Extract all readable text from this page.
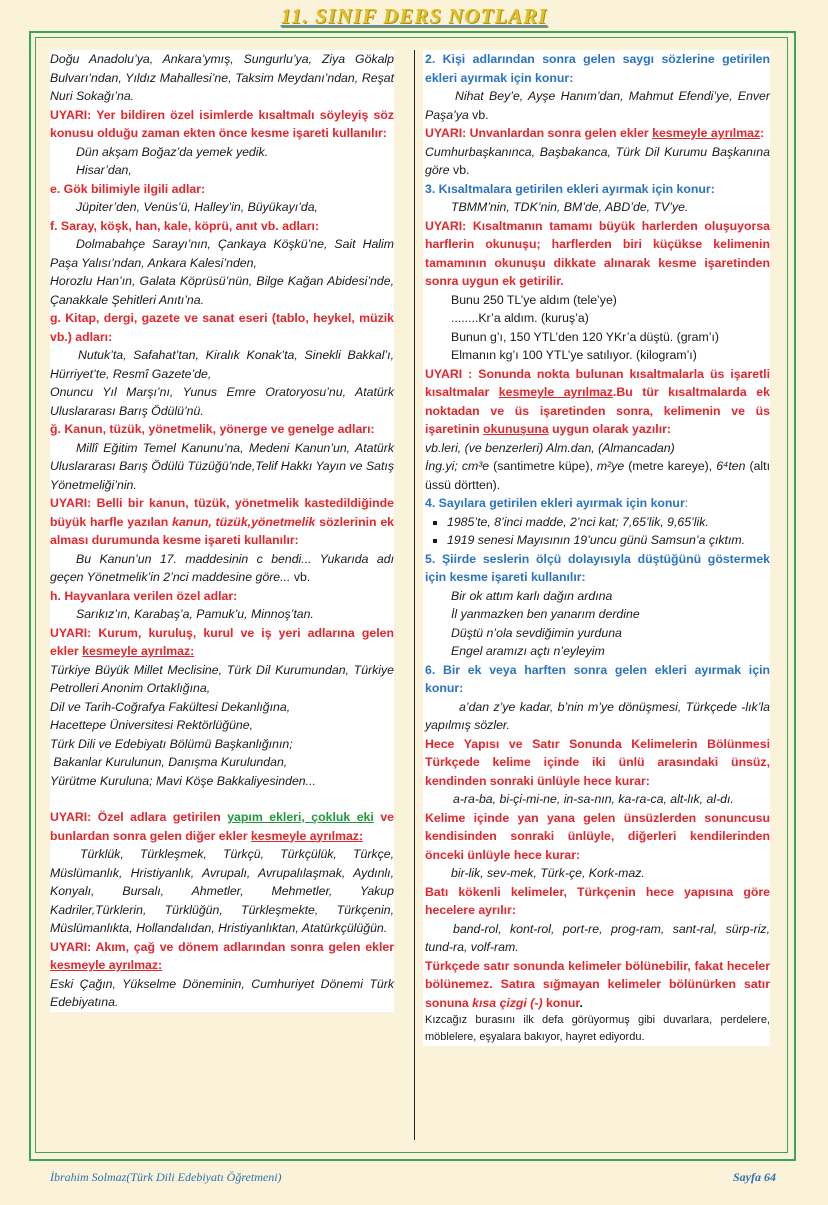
11. SINIF DERS NOTLARI

Doğu Anadolu’ya, Ankara’ymış, Sungurlu’ya, Ziya Gökalp Bulvarı’ndan, Yıldız Mahallesi’ne, Taksim Meydanı’ndan, Reşat Nuri Sokağı’na.

UYARI: Yer bildiren özel isimlerde kısaltmalı söyleyiş söz konusu olduğu zaman ekten önce kesme işareti kullanılır:

Dün akşam Boğaz’da yemek yedik.

Hisar’dan,

e. Gök bilimiyle ilgili adlar:

Jüpiter’den, Venüs’ü, Halley’in, Büyükayı’da,

f. Saray, köşk, han, kale, köprü, anıt vb. adları:

Dolmabahçe Sarayı’nın, Çankaya Köşkü’ne, Sait Halim Paşa Yalısı’ndan, Ankara Kalesi’nden,

Horozlu Han’ın, Galata Köprüsü’nün, Bilge Kağan Abidesi’nde, Çanakkale Şehitleri Anıtı’na.

g. Kitap, dergi, gazete ve sanat eseri (tablo, heykel, müzik vb.) adları:

Nutuk’ta, Safahat’tan, Kiralık Konak’ta, Sinekli Bakkal’ı, Hürriyet’te, Resmî Gazete’de,

Onuncu Yıl Marşı’nı, Yunus Emre Oratoryosu’nu, Atatürk Uluslararası Barış Ödülü’nü.

ğ. Kanun, tüzük, yönetmelik, yönerge ve genelge adları:

Millî Eğitim Temel Kanunu’na, Medeni Kanun’un, Atatürk Uluslararası Barış Ödülü Tüzüğü’nde,Telif Hakkı Yayın ve Satış Yönetmeliği’nin.

UYARI: Belli bir kanun, tüzük, yönetmelik kastedildiğinde büyük harfle yazılan kanun, tüzük,yönetmelik sözlerinin ek alması durumunda kesme işareti kullanılır:

Bu Kanun’un 17. maddesinin c bendi... Yukarıda adı geçen Yönetmelik’in 2’nci maddesine göre... vb.

h. Hayvanlara verilen özel adlar:

Sarıkız’ın, Karabaş’a, Pamuk’u, Minnoş’tan.

UYARI: Kurum, kuruluş, kurul ve iş yeri adlarına gelen ekler kesmeyle ayrılmaz:

Türkiye Büyük Millet Meclisine, Türk Dil Kurumundan, Türkiye Petrolleri Anonim Ortaklığına,

Dil ve Tarih-Coğrafya Fakültesi Dekanlığına,

Hacettepe Üniversitesi Rektörlüğüne,

Türk Dili ve Edebiyatı Bölümü Başkanlığının;

Bakanlar Kurulunun, Danışma Kurulundan,

Yürütme Kuruluna; Mavi Köşe Bakkaliyesinden...

UYARI: Özel adlara getirilen yapım ekleri, çokluk eki ve bunlardan sonra gelen diğer ekler kesmeyle ayrılmaz:

Türklük, Türkleşmek, Türkçü, Türkçülük, Türkçe, Müslümanlık, Hristiyanlık, Avrupalı, Avrupalılaşmak, Aydınlı, Konyalı, Bursalı, Ahmetler, Mehmetler, Yakup Kadriler,Türklerin, Türklüğün, Türkleşmekte, Türkçenin, Müslümanlıkta, Hollandalıdan, Hristiyanlıktan, Atatürkçülüğün.

UYARI: Akım, çağ ve dönem adlarından sonra gelen ekler kesmeyle ayrılmaz:

Eski Çağın, Yükselme Döneminin, Cumhuriyet Dönemi Türk Edebiyatına.

2. Kişi adlarından sonra gelen saygı sözlerine getirilen ekleri ayırmak için konur:

Nihat Bey’e, Ayşe Hanım’dan, Mahmut Efendi’ye, Enver Paşa’ya vb.

UYARI: Unvanlardan sonra gelen ekler kesmeyle ayrılmaz:

Cumhurbaşkanınca, Başbakanca, Türk Dil Kurumu Başkanına göre vb.

3. Kısaltmalara getirilen ekleri ayırmak için konur:

TBMM’nin, TDK’nin, BM’de, ABD’de, TV’ye.

UYARI: Kısaltmanın tamamı büyük harlerden oluşuyorsa harflerin okunuşu; harflerden biri küçükse kelimenin tamamının okunuşu dikkate alınarak kesme işaretinden sonra uygun ek getirilir.

Bunu 250 TL’ye aldım (tele’ye)

........Kr’a aldım. (kuruş’a)

Bunun g’ı, 150 YTL’den 120 YKr’a düştü. (gram’ı)

Elmanın kg’ı 100 YTL’ye satılıyor. (kilogram’ı)

UYARI : Sonunda nokta bulunan kısaltmalarla üs işaretli kısaltmalar kesmeyle ayrılmaz.Bu tür kısaltmalarda ek noktadan ve üs işaretinden sonra, kelimenin ve üs işaretinin okunuşuna uygun olarak yazılır:

vb.leri, (ve benzerleri) Alm.dan, (Almancadan)

İng.yi; cm³e (santimetre küpe), m²ye (metre kareye), 6⁴ten (altı üssü dörtten).

4. Sayılara getirilen ekleri ayırmak için konur:

▪ 1985’te, 8’inci madde, 2’nci kat; 7,65’lik, 9,65’lik.
▪ 1919 senesi Mayısının 19’uncu günü Samsun’a çıktım.

5. Şiirde seslerin ölçü dolayısıyla düştüğünü göstermek için kesme işareti kullanılır:

Bir ok attım karlı dağın ardına

İl yanmazken ben yanarım derdine

Düştü n’ola sevdiğimin yurduna

Engel aramızı açtı n’eyleyim

6. Bir ek veya harften sonra gelen ekleri ayırmak için konur:

a’dan z’ye kadar, b’nin m’ye dönüşmesi, Türkçede -lık’la yapılmış sözler.

Hece Yapısı ve Satır Sonunda Kelimelerin Bölünmesi Türkçede kelime içinde iki ünlü arasındaki ünsüz, kendinden sonraki ünlüyle hece kurar:

a-ra-ba, bi-çi-mi-ne, in-sa-nın, ka-ra-ca, alt-lık, al-dı.

Kelime içinde yan yana gelen ünsüzlerden sonuncusu kendisinden sonraki ünlüyle, diğerleri kendilerinden önceki ünlüyle hece kurar:

bir-lik, sev-mek, Türk-çe, Kork-maz.

Batı kökenli kelimeler, Türkçenin hece yapısına göre hecelere ayrılır:

band-rol, kont-rol, port-re, prog-ram, sant-ral, sürp-riz, tund-ra, volf-ram.

Türkçede satır sonunda kelimeler bölünebilir, fakat heceler bölünemez. Satıra sığmayan kelimeler bölünürken satır sonuna kısa çizgi (-) konur.

Kızcağız burasını ilk defa görüyormuş gibi duvarlara, perdelere, möblelere, eşyalara bakıyor, hayret ediyordu.

İbrahim Solmaz(Türk Dili Edebiyatı Öğretmeni)	Sayfa 64
